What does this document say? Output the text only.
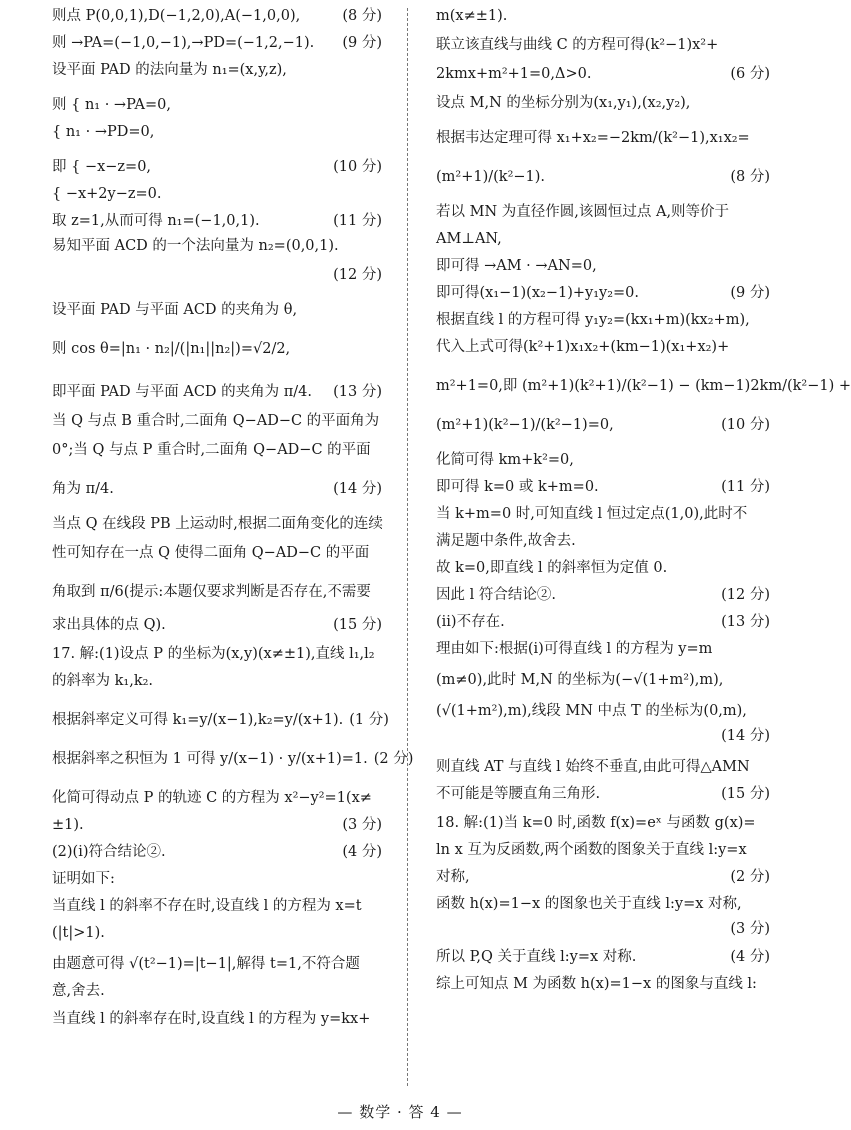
则点 P(0,0,1),D(−1,2,0),A(−1,0,0),	(8 分)
则 →PA=(−1,0,−1),→PD=(−1,2,−1).	(9 分)
设平面 PAD 的法向量为 n₁=(x,y,z),
则 { n₁ · →PA=0,
{ n₁ · →PD=0,
即 { −x−z=0,	(10 分)
{ −x+2y−z=0.
取 z=1,从而可得 n₁=(−1,0,1).	(11 分)
易知平面 ACD 的一个法向量为 n₂=(0,0,1).
(12 分)
设平面 PAD 与平面 ACD 的夹角为 θ,
则 cos θ=|n₁ · n₂|/(|n₁||n₂|)=√2/2,
即平面 PAD 与平面 ACD 的夹角为 π/4.	(13 分)
当 Q 与点 B 重合时,二面角 Q−AD−C 的平面角为
0°;当 Q 与点 P 重合时,二面角 Q−AD−C 的平面
角为 π/4.	(14 分)
当点 Q 在线段 PB 上运动时,根据二面角变化的连续
性可知存在一点 Q 使得二面角 Q−AD−C 的平面
角取到 π/6(提示:本题仅要求判断是否存在,不需要
求出具体的点 Q).	(15 分)
17. 解:(1)设点 P 的坐标为(x,y)(x≠±1),直线 l₁,l₂
的斜率为 k₁,k₂.
根据斜率定义可得 k₁=y/(x−1),k₂=y/(x+1). (1 分)
根据斜率之积恒为 1 可得 y/(x−1) · y/(x+1)=1. (2 分)
化简可得动点 P 的轨迹 C 的方程为 x²−y²=1(x≠
±1).	(3 分)
(2)(ⅰ)符合结论②.	(4 分)
证明如下:
当直线 l 的斜率不存在时,设直线 l 的方程为 x=t
(|t|>1).
由题意可得 √(t²−1)=|t−1|,解得 t=1,不符合题
意,舍去.
当直线 l 的斜率存在时,设直线 l 的方程为 y=kx+
m(x≠±1).
联立该直线与曲线 C 的方程可得(k²−1)x²+
2kmx+m²+1=0,Δ>0.	(6 分)
设点 M,N 的坐标分别为(x₁,y₁),(x₂,y₂),
根据韦达定理可得 x₁+x₂=−2km/(k²−1),x₁x₂=
(m²+1)/(k²−1).	(8 分)
若以 MN 为直径作圆,该圆恒过点 A,则等价于
AM⊥AN,
即可得 →AM · →AN=0,
即可得(x₁−1)(x₂−1)+y₁y₂=0.	(9 分)
根据直线 l 的方程可得 y₁y₂=(kx₁+m)(kx₂+m),
代入上式可得(k²+1)x₁x₂+(km−1)(x₁+x₂)+
m²+1=0,即 (m²+1)(k²+1)/(k²−1) − (km−1)2km/(k²−1) +
(m²+1)(k²−1)/(k²−1)=0,	(10 分)
化简可得 km+k²=0,
即可得 k=0 或 k+m=0.	(11 分)
当 k+m=0 时,可知直线 l 恒过定点(1,0),此时不
满足题中条件,故舍去.
故 k=0,即直线 l 的斜率恒为定值 0.
因此 l 符合结论②.	(12 分)
(ⅱ)不存在.	(13 分)
理由如下:根据(ⅰ)可得直线 l 的方程为 y=m
(m≠0),此时 M,N 的坐标为(−√(1+m²),m),
(√(1+m²),m),线段 MN 中点 T 的坐标为(0,m),
(14 分)
则直线 AT 与直线 l 始终不垂直,由此可得△AMN
不可能是等腰直角三角形.	(15 分)
18. 解:(1)当 k=0 时,函数 f(x)=eˣ 与函数 g(x)=
ln x 互为反函数,两个函数的图象关于直线 l:y=x
对称,	(2 分)
函数 h(x)=1−x 的图象也关于直线 l:y=x 对称,
(3 分)
所以 P,Q 关于直线 l:y=x 对称.	(4 分)
综上可知点 M 为函数 h(x)=1−x 的图象与直线 l:
— 数学 · 答 4 —
